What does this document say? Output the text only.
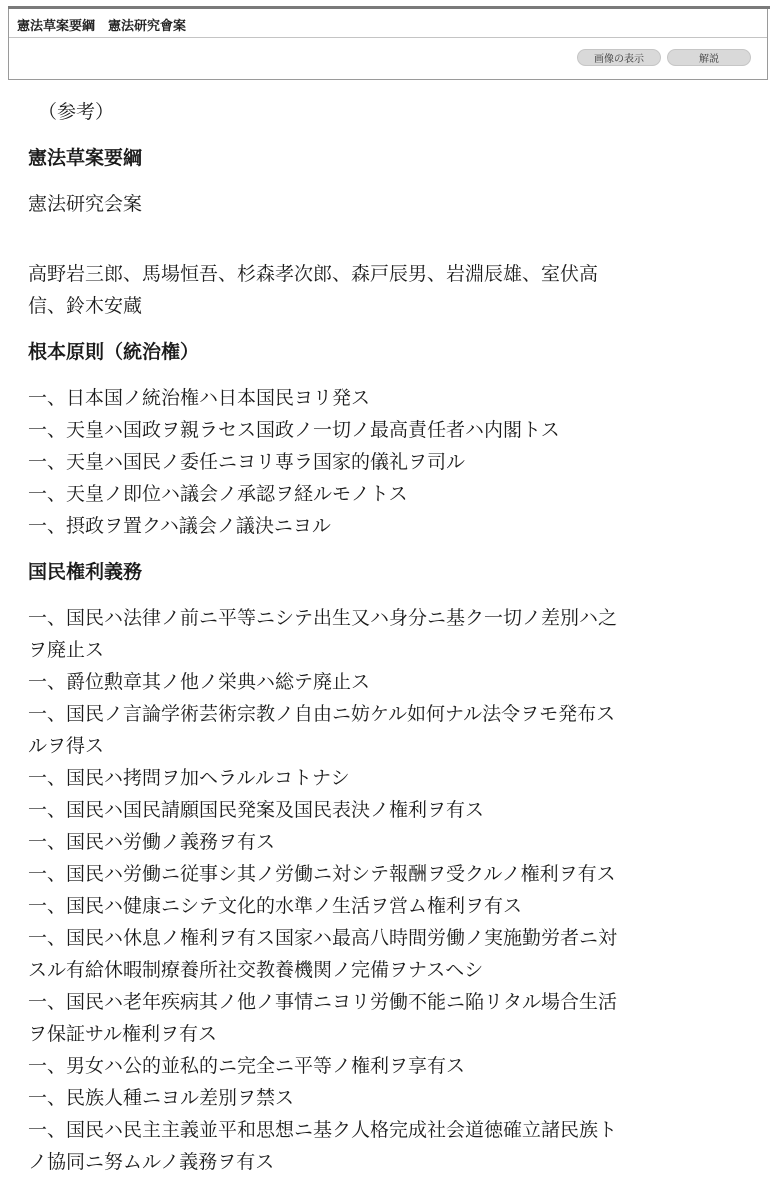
憲法草案要綱　憲法研究會案
画像の表示	解説

（参考）

憲法草案要綱

憲法研究会案

高野岩三郎、馬場恒吾、杉森孝次郎、森戸辰男、岩淵辰雄、室伏高信、鈴木安蔵

根本原則（統治権）

一、日本国ノ統治権ハ日本国民ヨリ発ス
一、天皇ハ国政ヲ親ラセス国政ノ一切ノ最高責任者ハ内閣トス
一、天皇ハ国民ノ委任ニヨリ専ラ国家的儀礼ヲ司ル
一、天皇ノ即位ハ議会ノ承認ヲ経ルモノトス
一、摂政ヲ置クハ議会ノ議決ニヨル

国民権利義務

一、国民ハ法律ノ前ニ平等ニシテ出生又ハ身分ニ基ク一切ノ差別ハ之ヲ廃止ス
一、爵位勲章其ノ他ノ栄典ハ総テ廃止ス
一、国民ノ言論学術芸術宗教ノ自由ニ妨ケル如何ナル法令ヲモ発布スルヲ得ス
一、国民ハ拷問ヲ加ヘラルルコトナシ
一、国民ハ国民請願国民発案及国民表決ノ権利ヲ有ス
一、国民ハ労働ノ義務ヲ有ス
一、国民ハ労働ニ従事シ其ノ労働ニ対シテ報酬ヲ受クルノ権利ヲ有ス
一、国民ハ健康ニシテ文化的水準ノ生活ヲ営ム権利ヲ有ス
一、国民ハ休息ノ権利ヲ有ス国家ハ最高八時間労働ノ実施勤労者ニ対スル有給休暇制療養所社交教養機関ノ完備ヲナスヘシ
一、国民ハ老年疾病其ノ他ノ事情ニヨリ労働不能ニ陥リタル場合生活ヲ保証サル権利ヲ有ス
一、男女ハ公的並私的ニ完全ニ平等ノ権利ヲ享有ス
一、民族人種ニヨル差別ヲ禁ス
一、国民ハ民主主義並平和思想ニ基ク人格完成社会道徳確立諸民族トノ協同ニ努ムルノ義務ヲ有ス
